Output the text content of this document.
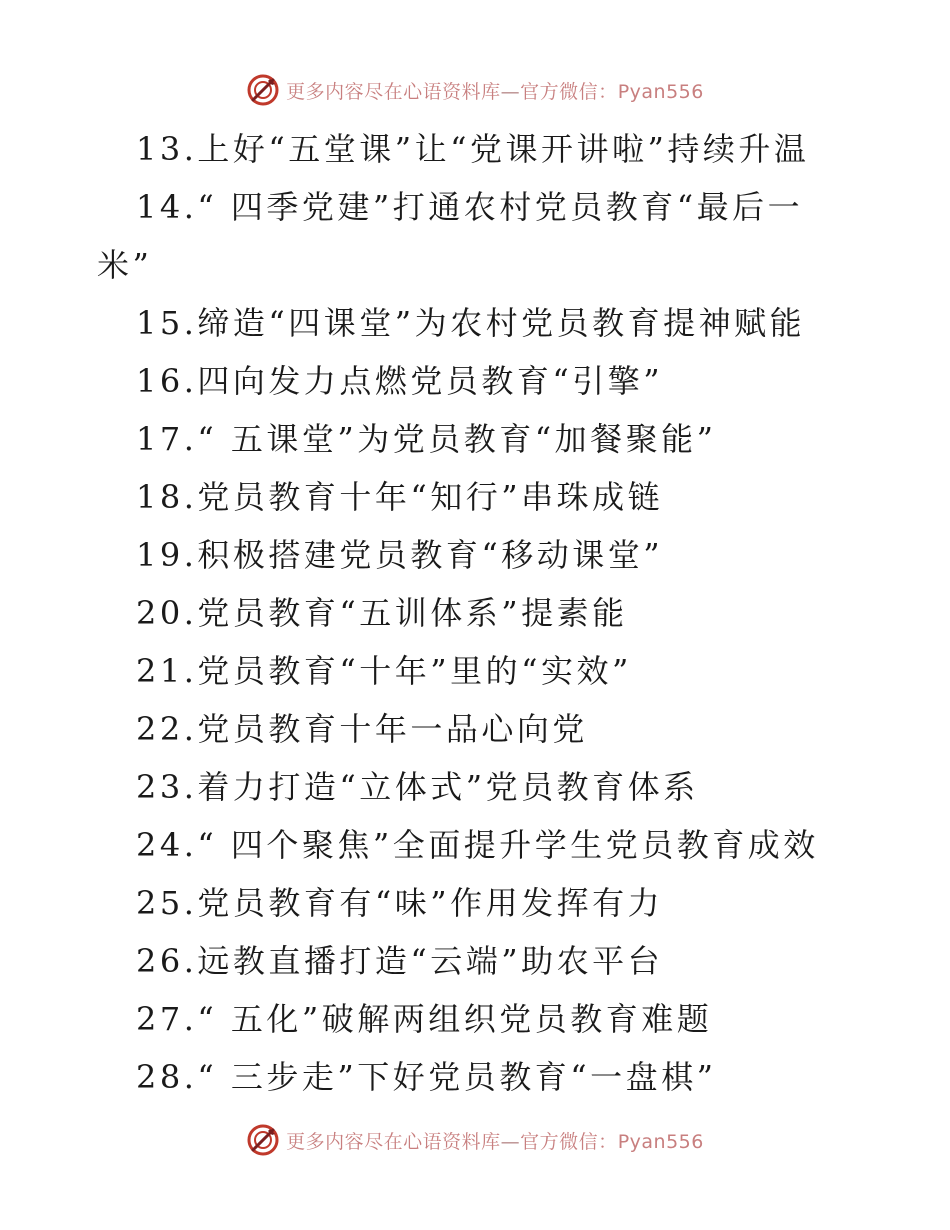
更多内容尽在心语资料库—官方微信：Pyan556
13.上好“五堂课”让“党课开讲啦”持续升温
14.“ 四季党建”打通农村党员教育“最后一
米”
15.缔造“四课堂”为农村党员教育提神赋能
16.四向发力点燃党员教育“引擎”
17.“ 五课堂”为党员教育“加餐聚能”
18.党员教育十年“知行”串珠成链
19.积极搭建党员教育“移动课堂”
20.党员教育“五训体系”提素能
21.党员教育“十年”里的“实效”
22.党员教育十年一品心向党
23.着力打造“立体式”党员教育体系
24.“ 四个聚焦”全面提升学生党员教育成效
25.党员教育有“味”作用发挥有力
26.远教直播打造“云端”助农平台
27.“ 五化”破解两组织党员教育难题
28.“ 三步走”下好党员教育“一盘棋”
更多内容尽在心语资料库—官方微信：Pyan556
